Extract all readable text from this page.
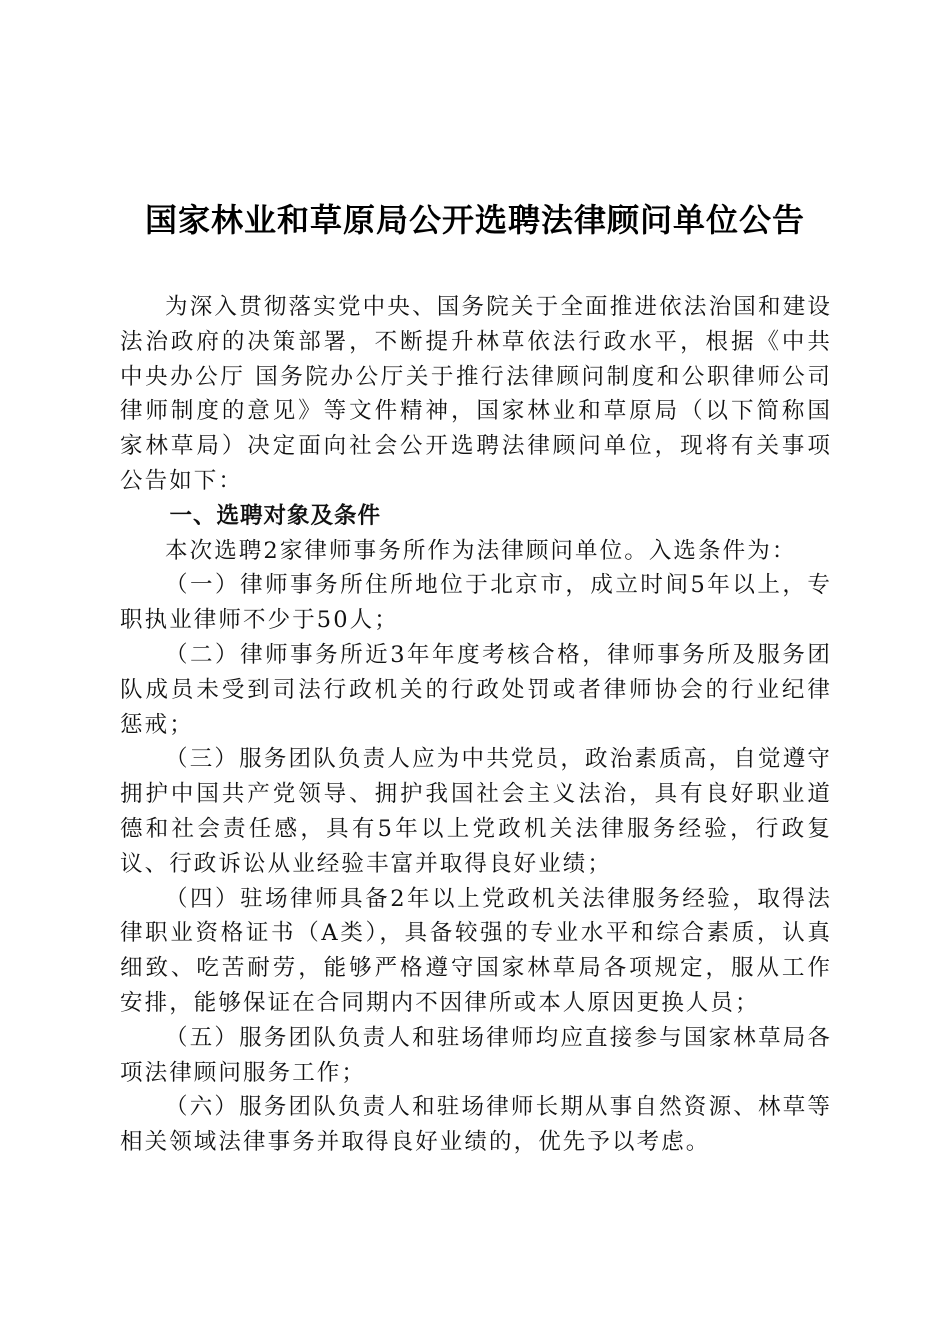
国家林业和草原局公开选聘法律顾问单位公告

为深入贯彻落实党中央、国务院关于全面推进依法治国和建设法治政府的决策部署，不断提升林草依法行政水平，根据《中共中央办公厅 国务院办公厅关于推行法律顾问制度和公职律师公司律师制度的意见》等文件精神，国家林业和草原局（以下简称国家林草局）决定面向社会公开选聘法律顾问单位，现将有关事项公告如下：

一、选聘对象及条件

本次选聘2家律师事务所作为法律顾问单位。入选条件为：

（一）律师事务所住所地位于北京市，成立时间5年以上，专职执业律师不少于50人；

（二）律师事务所近3年年度考核合格，律师事务所及服务团队成员未受到司法行政机关的行政处罚或者律师协会的行业纪律惩戒；

（三）服务团队负责人应为中共党员，政治素质高，自觉遵守拥护中国共产党领导、拥护我国社会主义法治，具有良好职业道德和社会责任感，具有5年以上党政机关法律服务经验，行政复议、行政诉讼从业经验丰富并取得良好业绩；

（四）驻场律师具备2年以上党政机关法律服务经验，取得法律职业资格证书（A类），具备较强的专业水平和综合素质，认真细致、吃苦耐劳，能够严格遵守国家林草局各项规定，服从工作安排，能够保证在合同期内不因律所或本人原因更换人员；

（五）服务团队负责人和驻场律师均应直接参与国家林草局各项法律顾问服务工作；

（六）服务团队负责人和驻场律师长期从事自然资源、林草等相关领域法律事务并取得良好业绩的，优先予以考虑。
